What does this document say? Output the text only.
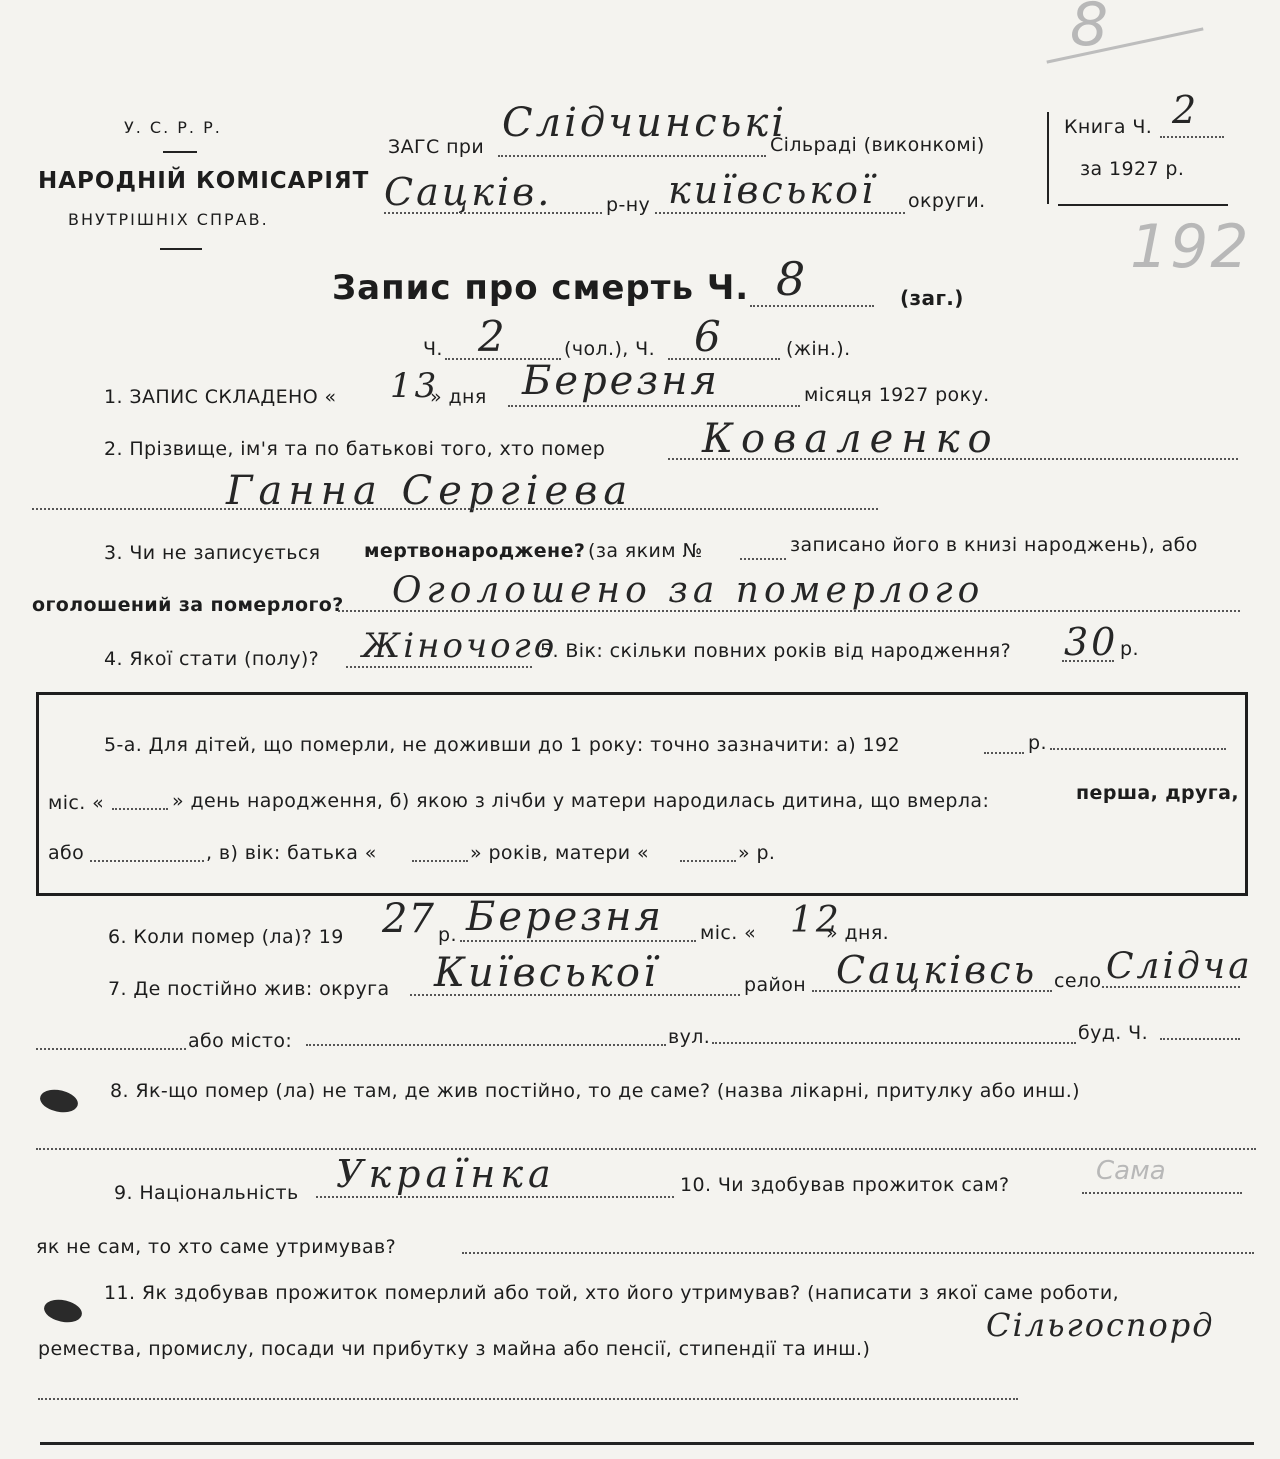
У. С. Р. Р.
НАРОДНІЙ КОМІСАРІЯТ
ВНУТРІШНІХ СПРАВ.
ЗАГС при
Слідчинські
Сільраді (виконкомі)
Сацків.	р-ну київської округи.
Книга Ч. 2
за 1927 р.
8
192
Запис про смерть Ч. 8	(заг.)
Ч. 2	(чол.), Ч. 6	(жін.).
1. ЗАПИС СКЛАДЕНО « 13
» дня Березня	місяця 1927 року.
2. Прізвище, ім'я та по батькові того, хто помер Коваленко
Ганна Сергіева
3. Чи не записується мертвонароджене? (за яким №	записано його в книзі народжень), або
оголошений за померлого? Оголошено за померлого
4. Якої стати (полу)? Жіночого
5. Вік: скільки повних років від народження? 30 р.
5-а. Для дітей, що померли, не доживши до 1 року: точно зазначити: а) 192	р.
міс. «	» день народження, б) якою з лічби у матери народилась дитина, що вмерла:	перша, друга,
або	, в) вік: батька «	» років, матери «	» р.
6. Коли помер (ла)? 19 27 р. Березня міс. « 12
» дня.
7. Де постійно жив: округа Київської	район Сацківсь село Слідча
або місто:	вул.	буд. Ч.
8. Як-що помер (ла) не там, де жив постійно, то де саме? (назва лікарні, притулку або инш.)
9. Національність Українка	10. Чи здобував прожиток сам?	Сама
як не сам, то хто саме утримував?
11. Як здобував прожиток померлий або той, хто його утримував? (написати з якої саме роботи,
ремества, промислу, посади чи прибутку з майна або пенсії, стипендії та инш.)
Сільгоспорд
